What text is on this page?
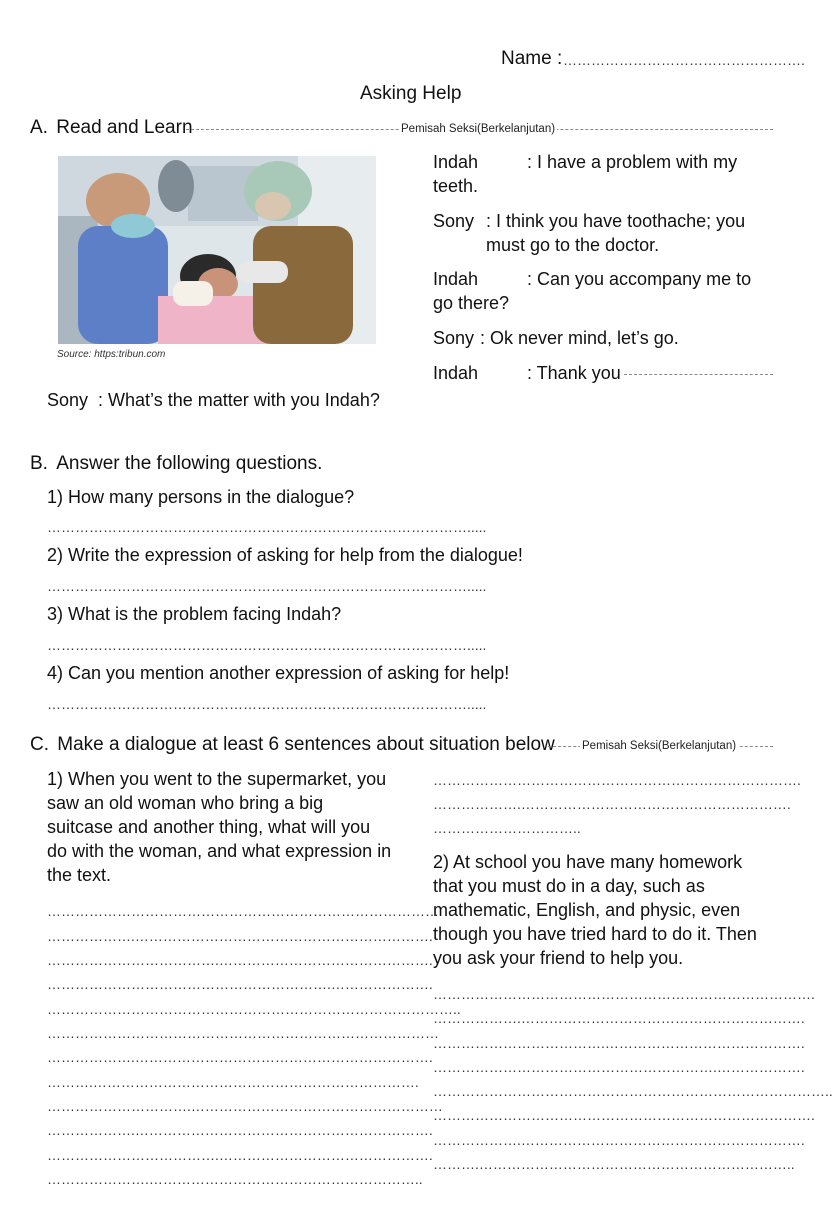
Name : …………………………………………….
Asking Help
A. Read and Learn	Pemisah Seksi(Berkelanjutan)
Source: https:tribun.com
Indah	: I have a problem with my
teeth.
Sony : I think you have toothache; you
must go to the doctor.
Indah	: Can you accompany me to
go there?
Sony : Ok never mind, let’s go.
Indah	: Thank you
Sony  : What’s the matter with you Indah?
B. Answer the following questions.
1) How many persons in the dialogue?
……………………………………………………………………………….....
2) Write the expression of asking for help from the dialogue!
……………………………………………………………………………….....
3) What is the problem facing Indah?
……………………………………………………………………………….....
4) Can you mention another expression of asking for help!
……………………………………………………………………………….....
C. Make a dialogue at least 6 sentences about situation below Pemisah Seksi(Berkelanjutan)
1) When you went to the supermarket, you saw an old woman who bring a big suitcase and another thing, what will you do with the woman, and what expression in the text.
2) At school you have many homework that you must do in a day, such as mathematic, English, and physic, even though you have tried hard to do it. Then you ask your friend to help you.
…………………………………………………………………….
……………….………………………………………………….
…………………………..
…………………………………………………………………………
……………….……………………………………………………….
……………………………….……………………………………….
…………………………………………………….………………….
……………………………………………………………………………..
…………………………………………………………………………
……………….……………………………………………………….
……….…………………………………………………………….
………………………….………………………………………………
……………….……………………………………………………….
……………………………….……………………………………….
………………….…………………………………………………..
……………………………………………………………………….
……………….…………………………………………………….
……………………………….…………………………………….
…………………………………………………….……………….
…………………………………………………………………………..
……………………………………………………………………….
……………….…………………………………………………….
……….…………………………………………………………..
